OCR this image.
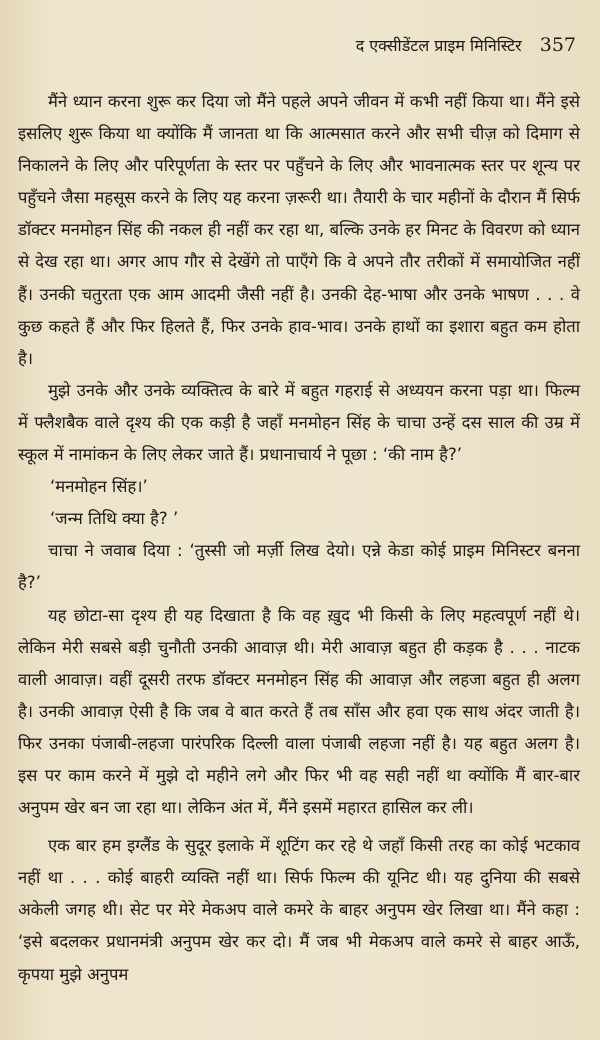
द एक्सीडेंटल प्राइम मिनिस्टिर 357

मैंने ध्यान करना शुरू कर दिया जो मैंने पहले अपने जीवन में कभी नहीं किया था। मैंने इसे इसलिए शुरू किया था क्योंकि मैं जानता था कि आत्मसात करने और सभी चीज़ को दिमाग से निकालने के लिए और परिपूर्णता के स्तर पर पहुँचने के लिए और भावनात्मक स्तर पर शून्य पर पहुँचने जैसा महसूस करने के लिए यह करना ज़रूरी था। तैयारी के चार महीनों के दौरान मैं सिर्फ डॉक्टर मनमोहन सिंह की नकल ही नहीं कर रहा था, बल्कि उनके हर मिनट के विवरण को ध्यान से देख रहा था। अगर आप गौर से देखेंगे तो पाएँगे कि वे अपने तौर तरीकों में समायोजित नहीं हैं। उनकी चतुरता एक आम आदमी जैसी नहीं है। उनकी देह-भाषा और उनके भाषण . . . वे कुछ कहते हैं और फिर हिलते हैं, फिर उनके हाव-भाव। उनके हाथों का इशारा बहुत कम होता है।

मुझे उनके और उनके व्यक्तित्व के बारे में बहुत गहराई से अध्ययन करना पड़ा था। फिल्म में फ्लैशबैक वाले दृश्य की एक कड़ी है जहाँ मनमोहन सिंह के चाचा उन्हें दस साल की उम्र में स्कूल में नामांकन के लिए लेकर जाते हैं। प्रधानाचार्य ने पूछा : ‘की नाम है?’

‘मनमोहन सिंह।’

‘जन्म तिथि क्या है? ’

चाचा ने जवाब दिया : ‘तुस्सी जो मर्ज़ी लिख देयो। एन्ने केडा कोई प्राइम मिनिस्टर बनना है?’

यह छोटा-सा दृश्य ही यह दिखाता है कि वह ख़ुद भी किसी के लिए महत्वपूर्ण नहीं थे। लेकिन मेरी सबसे बड़ी चुनौती उनकी आवाज़ थी। मेरी आवाज़ बहुत ही कड़क है . . . नाटक वाली आवाज़। वहीं दूसरी तरफ डॉक्टर मनमोहन सिंह की आवाज़ और लहजा बहुत ही अलग है। उनकी आवाज़ ऐसी है कि जब वे बात करते हैं तब साँस और हवा एक साथ अंदर जाती है। फिर उनका पंजाबी-लहजा पारंपरिक दिल्ली वाला पंजाबी लहजा नहीं है। यह बहुत अलग है। इस पर काम करने में मुझे दो महीने लगे और फिर भी वह सही नहीं था क्योंकि मैं बार-बार अनुपम खेर बन जा रहा था। लेकिन अंत में, मैंने इसमें महारत हासिल कर ली।

एक बार हम इग्लैंड के सुदूर इलाके में शूटिंग कर रहे थे जहाँ किसी तरह का कोई भटकाव नहीं था . . . कोई बाहरी व्यक्ति नहीं था। सिर्फ फिल्म की यूनिट थी। यह दुनिया की सबसे अकेली जगह थी। सेट पर मेरे मेकअप वाले कमरे के बाहर अनुपम खेर लिखा था। मैंने कहा : ‘इसे बदलकर प्रधानमंत्री अनुपम खेर कर दो। मैं जब भी मेकअप वाले कमरे से बाहर आऊँ, कृपया मुझे अनुपम
